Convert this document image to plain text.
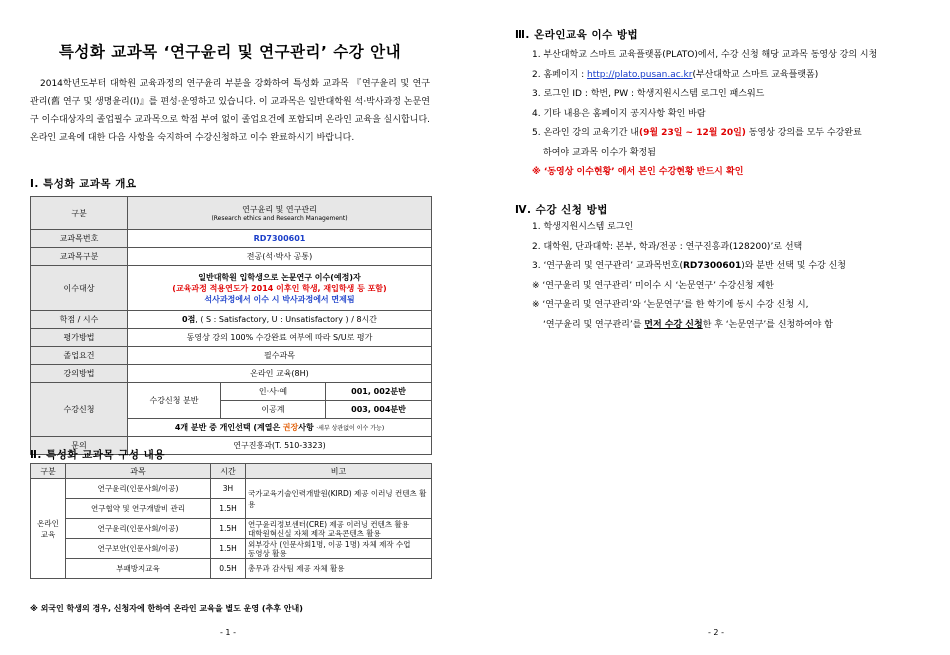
특성화 교과목 ‘연구윤리 및 연구관리’ 수강 안내
2014학년도부터 대학원 교육과정의 연구윤리 부분을 강화하여 특성화 교과목 『연구윤리 및 연구관리(舊 연구 및 생명윤리(Ⅰ)』를 편성·운영하고 있습니다. 이 교과목은 일반대학원 석·박사과정 논문연구 이수대상자의 졸업필수 교과목으로 학점 부여 없이 졸업요건에 포함되며 온라인 교육을 실시합니다. 온라인 교육에 대한 다음 사항을 숙지하여 수강신청하고 이수 완료하시기 바랍니다.
Ⅰ. 특성화 교과목 개요
구분	연구윤리 및 연구관리
(Research ethics and Research Management)		

교과목번호	RD7300601		
교과목구분	전공(석·박사 공통)		
이수대상	일반대학원 입학생으로 논문연구 이수(예정)자
(교육과정 적용연도가 2014 이후인 학생, 재입학생 등 포함)
석사과정에서 이수 시 박사과정에서 면제됨		

학점 / 시수	0점, ( S : Satisfactory, U : Unsatisfactory ) / 8시간		
평가방법	동영상 강의 100% 수강완료 여부에 따라 S/U로 평가		
졸업요건	필수과목		
강의방법	온라인 교육(8H)		
수강신청	수강신청 분반	인·사·예	001, 002분반
		이공계	003, 004분반
	4개 분반 중 개인선택 (계열은 권장사항 ·세부 상관없이 이수 가능)		
문의	연구진흥과(T. 510-3323)		
Ⅱ. 특성화 교과목 구성 내용
구분	과목	시간	비고
온라인
교육	연구윤리(인문사회/이공)	3H	국가교육기술인력개발원(KIRD) 제공 이러닝 컨텐츠 활용
	연구협약 및 연구개발비 관리	1.5H	
	연구윤리(인문사회/이공)	1.5H	연구윤리정보센터(CRE) 제공 이러닝 컨텐츠 활용
대학원혁신실 자체 제작 교육콘텐츠 활용
	연구보안(인문사회/이공)	1.5H	외부강사 (인문사회1명, 이공 1명) 자체 제작 수업
동영상 활용
	부패방지교육	0.5H	총무과 감사팀 제공 자체 활용
※ 외국인 학생의 경우, 신청자에 한하여 온라인 교육을 별도 운영 (추후 안내)
- 1 -
Ⅲ. 온라인교육 이수 방법
1. 부산대학교 스마트 교육플랫폼(PLATO)에서, 수강 신청 해당 교과목 동영상 강의 시청
2. 홈페이지 : http://plato.pusan.ac.kr(부산대학교 스마트 교육플랫폼)
3. 로그인 ID : 학번, PW : 학생지원시스템 로그인 패스워드
4. 기타 내용은 홈페이지 공지사항 확인 바람
5. 온라인 강의 교육기간 내(9월 23일 ~ 12월 20일) 동영상 강의를 모두 수강완료
하여야 교과목 이수가 확정됨
※ ‘동영상 이수현황’ 에서 본인 수강현황 반드시 확인
Ⅳ. 수강 신청 방법
1. 학생지원시스템 로그인
2. 대학원, 단과대학: 본부, 학과/전공 : 연구진흥과(128200)’로 선택
3. ‘연구윤리 및 연구관리’ 교과목번호(RD7300601)와 분반 선택 및 수강 신청
※ ‘연구윤리 및 연구관리’ 미이수 시 ‘논문연구’ 수강신청 제한
※ ‘연구윤리 및 연구관리’와 ‘논문연구’를 한 학기에 동시 수강 신청 시,
‘연구윤리 및 연구관리’를 먼저 수강 신청한 후 ‘논문연구’를 신청하여야 함
- 2 -
